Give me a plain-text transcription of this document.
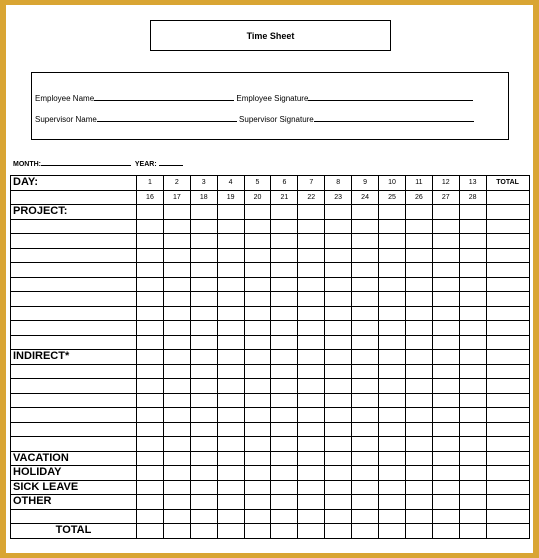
Time Sheet
Employee Name	Employee Signature
Supervisor Name	Supervisor Signature
MONTH:	YEAR:
DAY:	1	2	3	4	5	6	7	8	9	10	11	12	13	TOTAL
	16	17	18	19	20	21	22	23	24	25	26	27	28	
PROJECT:														

INDIRECT*														

VACATION														
HOLIDAY														
SICK LEAVE														
OTHER														

TOTAL														
